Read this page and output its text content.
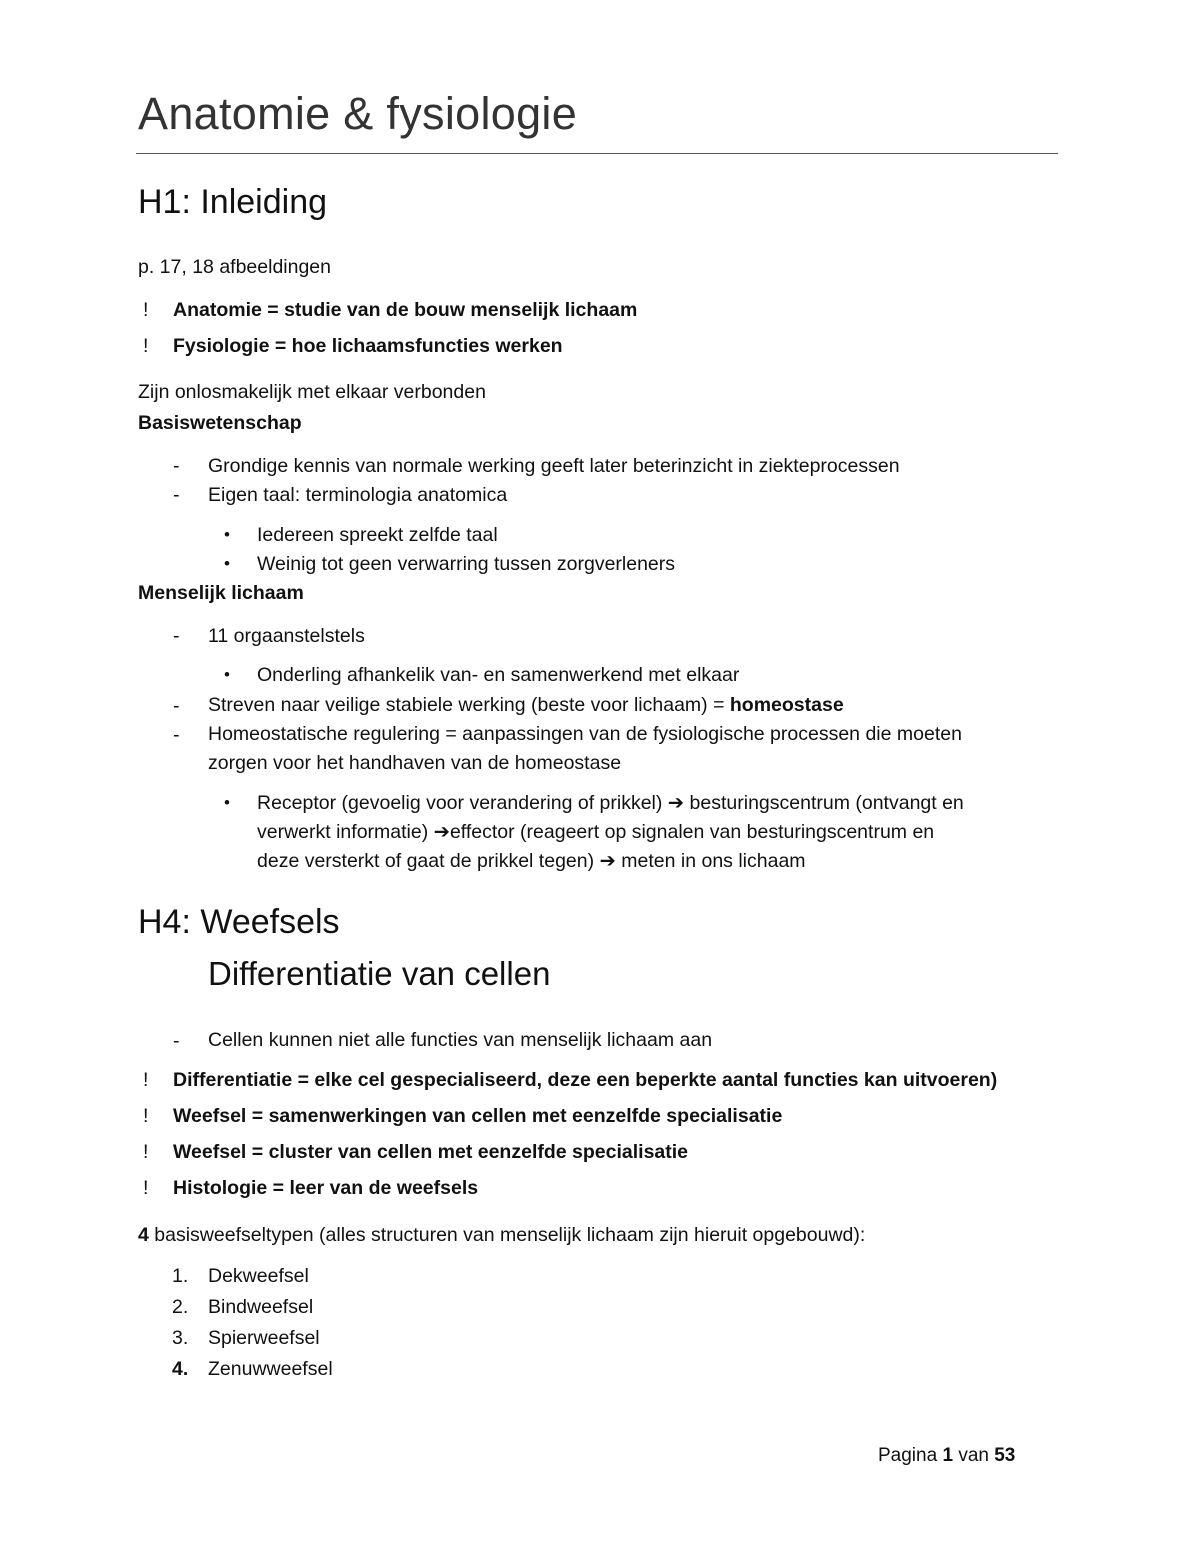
Anatomie & fysiologie
H1: Inleiding
p. 17, 18 afbeeldingen
! Anatomie = studie van de bouw menselijk lichaam
! Fysiologie = hoe lichaamsfuncties werken
Zijn onlosmakelijk met elkaar verbonden
Basiswetenschap
- Grondige kennis van normale werking geeft later beterinzicht in ziekteprocessen
- Eigen taal: terminologia anatomica
• Iedereen spreekt zelfde taal
• Weinig tot geen verwarring tussen zorgverleners
Menselijk lichaam
- 11 orgaanstelstels
• Onderling afhankelik van- en samenwerkend met elkaar
- Streven naar veilige stabiele werking (beste voor lichaam) = homeostase
- Homeostatische regulering = aanpassingen van de fysiologische processen die moeten
zorgen voor het handhaven van de homeostase
• Receptor (gevoelig voor verandering of prikkel) ➔ besturingscentrum (ontvangt en
verwerkt informatie) ➔effector (reageert op signalen van besturingscentrum en
deze versterkt of gaat de prikkel tegen) ➔ meten in ons lichaam
H4: Weefsels
Differentiatie van cellen
- Cellen kunnen niet alle functies van menselijk lichaam aan
! Differentiatie = elke cel gespecialiseerd, deze een beperkte aantal functies kan uitvoeren)
! Weefsel = samenwerkingen van cellen met eenzelfde specialisatie
! Weefsel = cluster van cellen met eenzelfde specialisatie
! Histologie = leer van de weefsels
4 basisweefseltypen (alles structuren van menselijk lichaam zijn hieruit opgebouwd):
1. Dekweefsel
2. Bindweefsel
3. Spierweefsel
4. Zenuwweefsel
Pagina 1 van 53
